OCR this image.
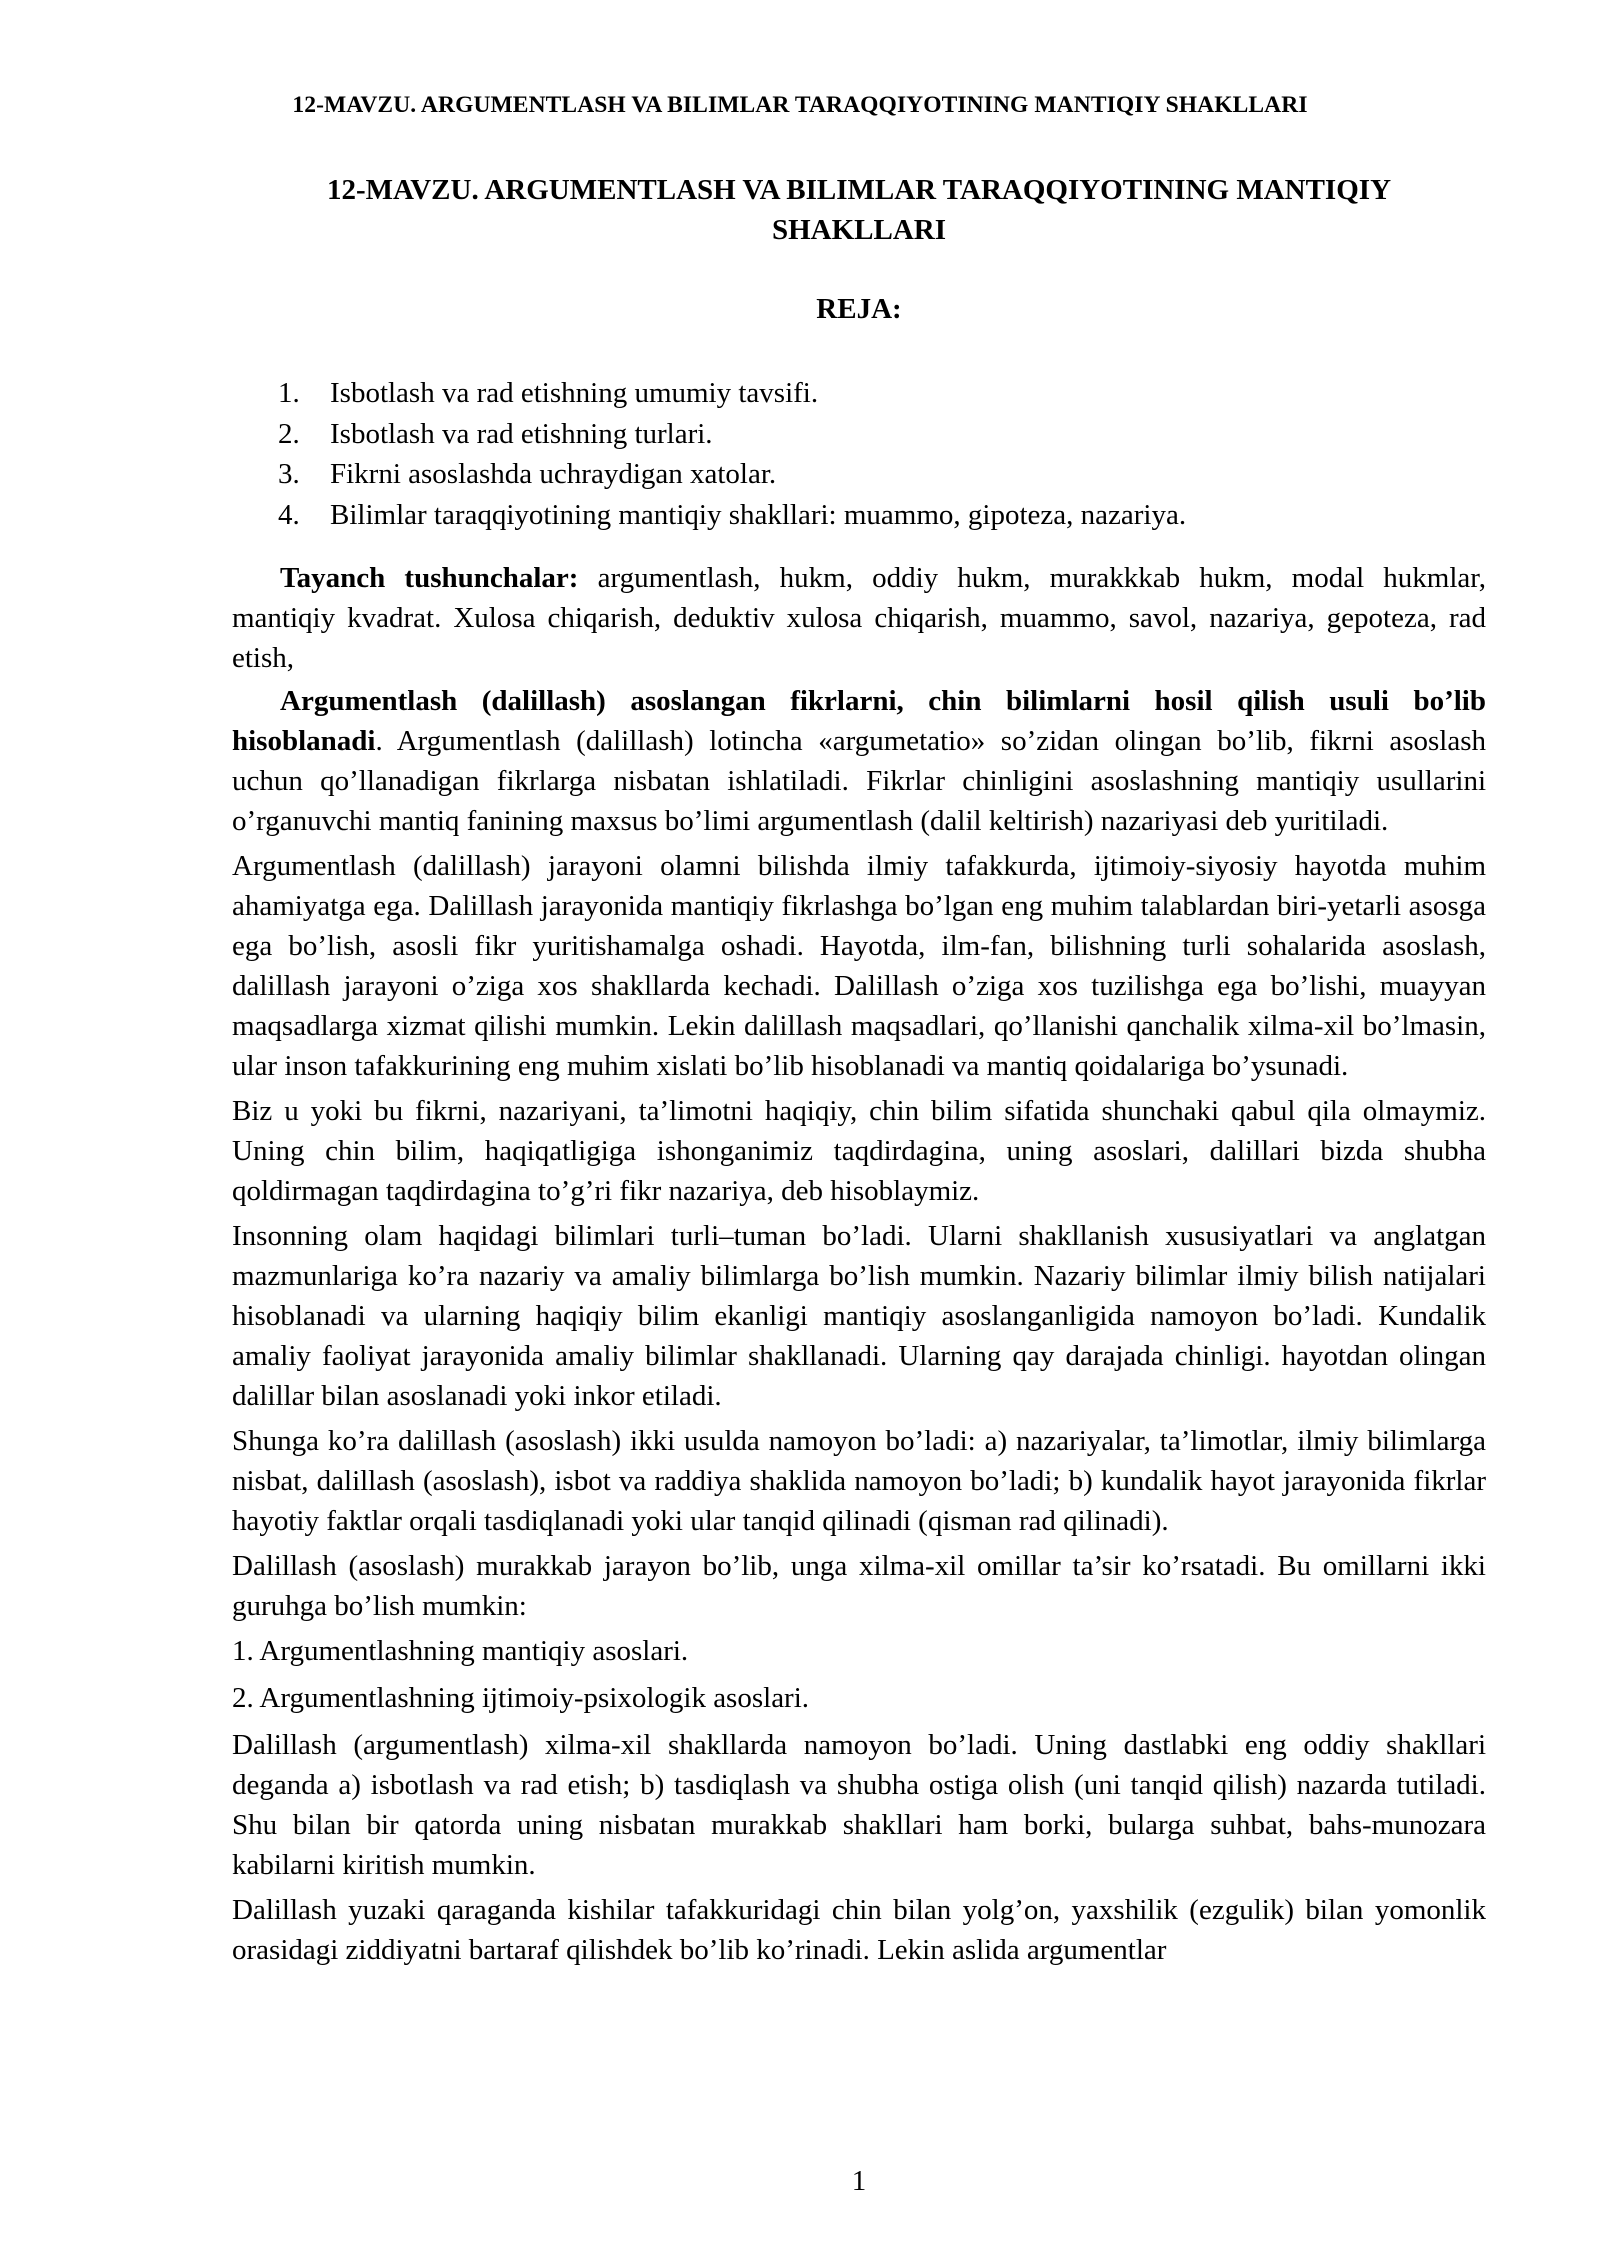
12-MAVZU. ARGUMENTLASH VA BILIMLAR TARAQQIYOTINING MANTIQIY SHAKLLARI
12-MAVZU. ARGUMENTLASH VA BILIMLAR TARAQQIYOTINING MANTIQIY
SHAKLLARI
REJA:
1.	Isbotlash va rad etishning umumiy tavsifi.
2.	Isbotlash va rad etishning turlari.
3.	Fikrni asoslashda uchraydigan xatolar.
4.	Bilimlar taraqqiyotining mantiqiy shakllari: muammo, gipoteza, nazariya.

Tayanch tushunchalar: argumentlash, hukm, oddiy hukm, murakkkab hukm, modal hukmlar, mantiqiy kvadrat. Xulosa chiqarish, deduktiv xulosa chiqarish, muammo, savol, nazariya, gepoteza, rad etish,

Argumentlash (dalillash) asoslangan fikrlarni, chin bilimlarni hosil qilish usuli bo’lib hisoblanadi. Argumentlash (dalillash) lotincha «argumetatio» so’zidan olingan bo’lib, fikrni asoslash uchun qo’llanadigan fikrlarga nisbatan ishlatiladi. Fikrlar chinligini asoslashning mantiqiy usullarini o’rganuvchi mantiq fanining maxsus bo’limi argumentlash (dalil keltirish) nazariyasi deb yuritiladi.

Argumentlash (dalillash) jarayoni olamni bilishda ilmiy tafakkurda, ijtimoiy-siyosiy hayotda muhim ahamiyatga ega. Dalillash jarayonida mantiqiy fikrlashga bo’lgan eng muhim talablardan biri-yetarli asosga ega bo’lish, asosli fikr yuritishamalga oshadi. Hayotda, ilm-fan, bilishning turli sohalarida asoslash, dalillash jarayoni o’ziga xos shakllarda kechadi. Dalillash o’ziga xos tuzilishga ega bo’lishi, muayyan maqsadlarga xizmat qilishi mumkin. Lekin dalillash maqsadlari, qo’llanishi qanchalik xilma-xil bo’lmasin, ular inson tafakkurining eng muhim xislati bo’lib hisoblanadi va mantiq qoidalariga bo’ysunadi.

Biz u yoki bu fikrni, nazariyani, ta’limotni haqiqiy, chin bilim sifatida shunchaki qabul qila olmaymiz. Uning chin bilim, haqiqatligiga ishonganimiz taqdirdagina, uning asoslari, dalillari bizda shubha qoldirmagan taqdirdagina to’g’ri fikr nazariya, deb hisoblaymiz.

Insonning olam haqidagi bilimlari turli–tuman bo’ladi. Ularni shakllanish xususiyatlari va anglatgan mazmunlariga ko’ra nazariy va amaliy bilimlarga bo’lish mumkin. Nazariy bilimlar ilmiy bilish natijalari hisoblanadi va ularning haqiqiy bilim ekanligi mantiqiy asoslanganligida namoyon bo’ladi. Kundalik amaliy faoliyat jarayonida amaliy bilimlar shakllanadi. Ularning qay darajada chinligi. hayotdan olingan dalillar bilan asoslanadi yoki inkor etiladi.

Shunga ko’ra dalillash (asoslash) ikki usulda namoyon bo’ladi: a) nazariyalar, ta’limotlar, ilmiy bilimlarga nisbat, dalillash (asoslash), isbot va raddiya shaklida namoyon bo’ladi; b) kundalik hayot jarayonida fikrlar hayotiy faktlar orqali tasdiqlanadi yoki ular tanqid qilinadi (qisman rad qilinadi).

Dalillash (asoslash) murakkab jarayon bo’lib, unga xilma-xil omillar ta’sir ko’rsatadi. Bu omillarni ikki guruhga bo’lish mumkin:

1. Argumentlashning mantiqiy asoslari.

2. Argumentlashning ijtimoiy-psixologik asoslari.

Dalillash (argumentlash) xilma-xil shakllarda namoyon bo’ladi. Uning dastlabki eng oddiy shakllari deganda a) isbotlash va rad etish; b) tasdiqlash va shubha ostiga olish (uni tanqid qilish) nazarda tutiladi. Shu bilan bir qatorda uning nisbatan murakkab shakllari ham borki, bularga suhbat, bahs-munozara kabilarni kiritish mumkin.

Dalillash yuzaki qaraganda kishilar tafakkuridagi chin bilan yolg’on, yaxshilik (ezgulik) bilan yomonlik orasidagi ziddiyatni bartaraf qilishdek bo’lib ko’rinadi. Lekin aslida argumentlar

1
